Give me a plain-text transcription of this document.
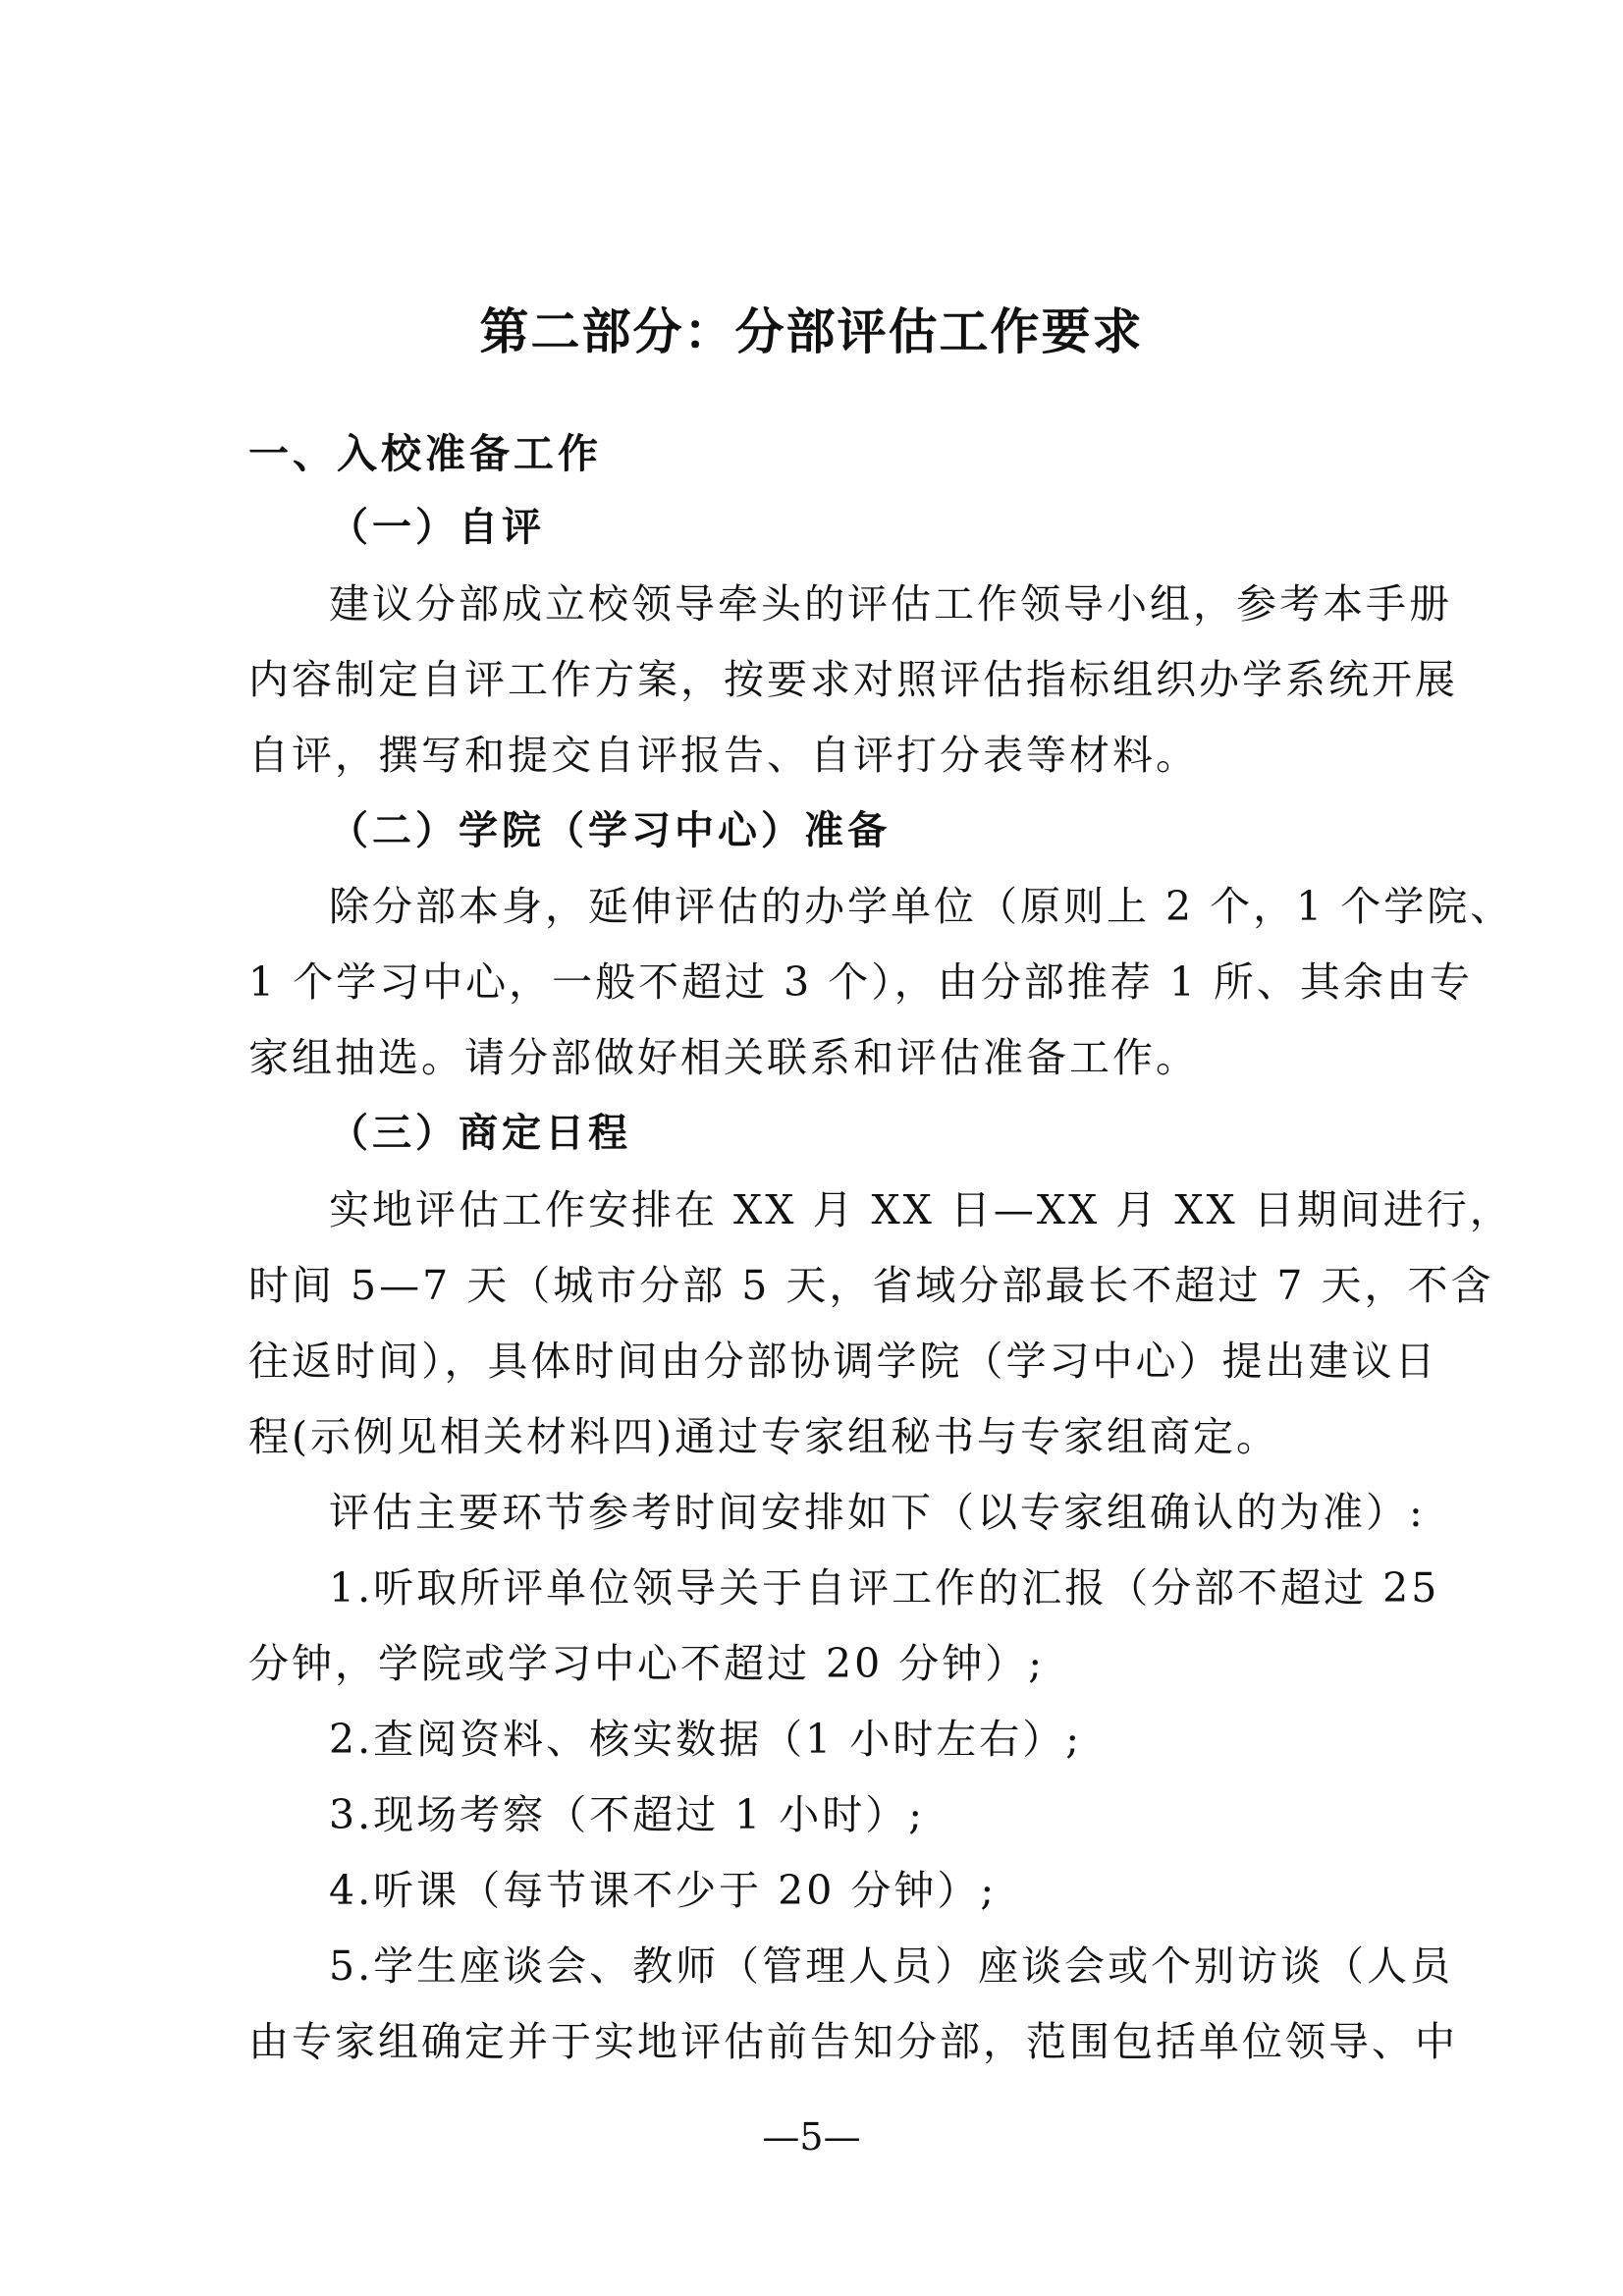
第二部分：分部评估工作要求
一、入校准备工作
（一）自评
建议分部成立校领导牵头的评估工作领导小组，参考本手册
内容制定自评工作方案，按要求对照评估指标组织办学系统开展
自评，撰写和提交自评报告、自评打分表等材料。
（二）学院（学习中心）准备
除分部本身，延伸评估的办学单位（原则上 2 个，1 个学院、
1 个学习中心，一般不超过 3 个），由分部推荐 1 所、其余由专
家组抽选。请分部做好相关联系和评估准备工作。
（三）商定日程
实地评估工作安排在 XX 月 XX 日—XX 月 XX 日期间进行，
时间 5—7 天（城市分部 5 天，省域分部最长不超过 7 天，不含
往返时间），具体时间由分部协调学院（学习中心）提出建议日
程(示例见相关材料四)通过专家组秘书与专家组商定。
评估主要环节参考时间安排如下（以专家组确认的为准）:
1.听取所评单位领导关于自评工作的汇报（分部不超过 25
分钟，学院或学习中心不超过 20 分钟）;
2.查阅资料、核实数据（1 小时左右）;
3.现场考察（不超过 1 小时）;
4.听课（每节课不少于 20 分钟）;
5.学生座谈会、教师（管理人员）座谈会或个别访谈（人员
由专家组确定并于实地评估前告知分部，范围包括单位领导、中
—5—
